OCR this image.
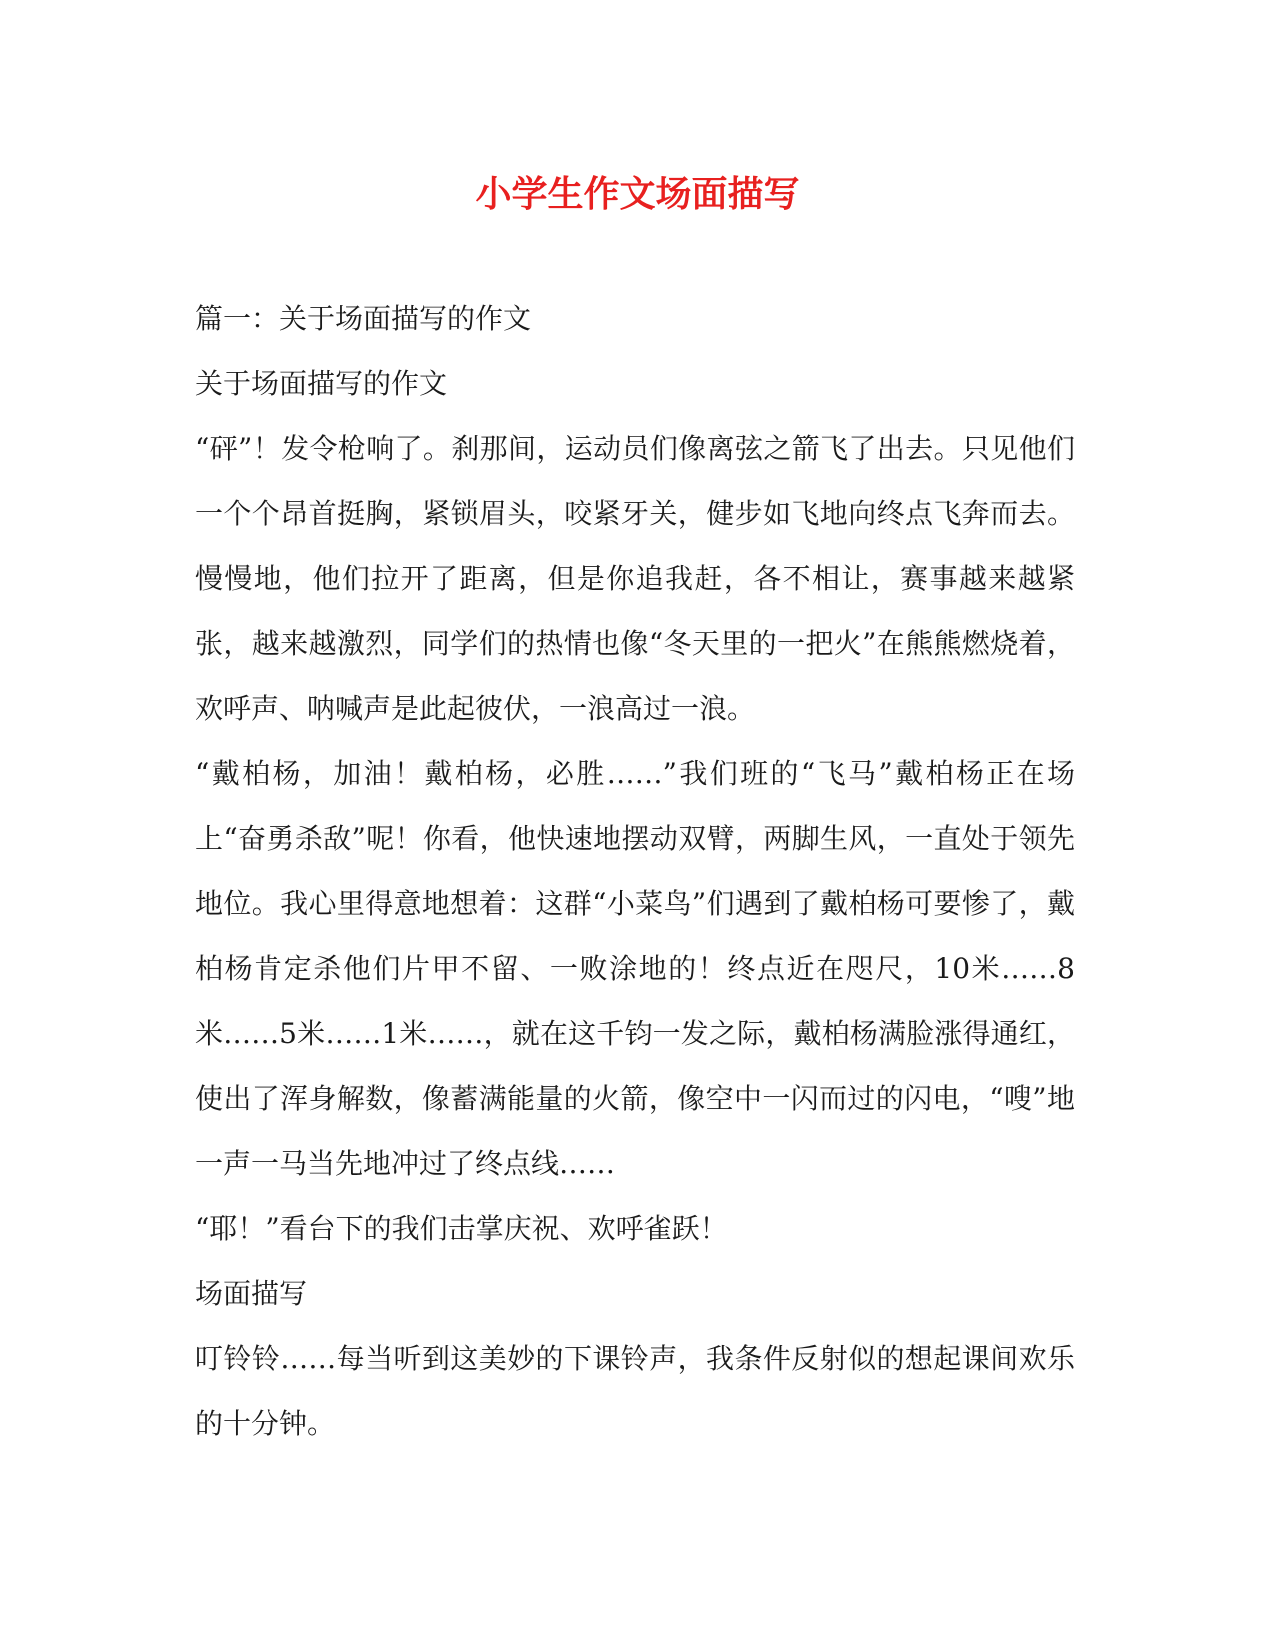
小学生作文场面描写

篇一：关于场面描写的作文

关于场面描写的作文

“砰”！发令枪响了。刹那间，运动员们像离弦之箭飞了出去。只见他们一个个昂首挺胸，紧锁眉头，咬紧牙关，健步如飞地向终点飞奔而去。慢慢地，他们拉开了距离，但是你追我赶，各不相让，赛事越来越紧张，越来越激烈，同学们的热情也像“冬天里的一把火”在熊熊燃烧着，欢呼声、呐喊声是此起彼伏，一浪高过一浪。

“戴柏杨，加油！戴柏杨，必胜……”我们班的“飞马”戴柏杨正在场上“奋勇杀敌”呢！你看，他快速地摆动双臂，两脚生风，一直处于领先地位。我心里得意地想着：这群“小菜鸟”们遇到了戴柏杨可要惨了，戴柏杨肯定杀他们片甲不留、一败涂地的！终点近在咫尺，10米……8米……5米……1米……，就在这千钧一发之际，戴柏杨满脸涨得通红，使出了浑身解数，像蓄满能量的火箭，像空中一闪而过的闪电，“嗖”地一声一马当先地冲过了终点线……

“耶！”看台下的我们击掌庆祝、欢呼雀跃！

场面描写

叮铃铃……每当听到这美妙的下课铃声，我条件反射似的想起课间欢乐的十分钟。
